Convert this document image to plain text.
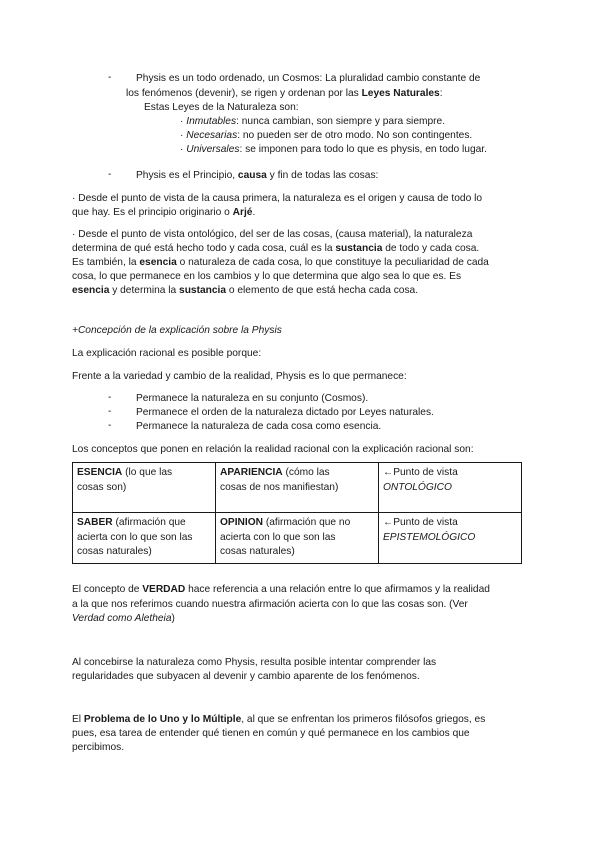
- Physis es un todo ordenado, un Cosmos: La pluralidad cambio constante de
los fenómenos (devenir), se rigen y ordenan por las Leyes Naturales:
Estas Leyes de la Naturaleza son:
· Inmutables: nunca cambian, son siempre y para siempre.
· Necesarias: no pueden ser de otro modo. No son contingentes.
· Universales: se imponen para todo lo que es physis, en todo lugar.
- Physis es el Principio, causa y fin de todas las cosas:
· Desde el punto de vista de la causa primera, la naturaleza es el origen y causa de todo lo
que hay. Es el principio originario o Arjé.
· Desde el punto de vista ontológico, del ser de las cosas, (causa material), la naturaleza
determina de qué está hecho todo y cada cosa, cuál es la sustancia de todo y cada cosa.
Es también, la esencia o naturaleza de cada cosa, lo que constituye la peculiaridad de cada
cosa, lo que permanece en los cambios y lo que determina que algo sea lo que es. Es
esencia y determina la sustancia o elemento de que está hecha cada cosa.
+Concepción de la explicación sobre la Physis
La explicación racional es posible porque:
Frente a la variedad y cambio de la realidad, Physis es lo que permanece:
- Permanece la naturaleza en su conjunto (Cosmos).
- Permanece el orden de la naturaleza dictado por Leyes naturales.
- Permanece la naturaleza de cada cosa como esencia.
Los conceptos que ponen en relación la realidad racional con la explicación racional son:
ESENCIA (lo que las
cosas son)	APARIENCIA (cómo las
cosas de nos manifiestan)	←Punto de vista
ONTOLÓGICO
SABER (afirmación que
acierta con lo que son las
cosas naturales)	OPINION (afirmación que no
acierta con lo que son las
cosas naturales)	←Punto de vista
EPISTEMOLÓGICO
El concepto de VERDAD hace referencia a una relación entre lo que afirmamos y la realidad
a la que nos referimos cuando nuestra afirmación acierta con lo que las cosas son. (Ver
Verdad como Aletheia)
Al concebirse la naturaleza como Physis, resulta posible intentar comprender las
regularidades que subyacen al devenir y cambio aparente de los fenómenos.
El Problema de lo Uno y lo Múltiple, al que se enfrentan los primeros filósofos griegos, es
pues, esa tarea de entender qué tienen en común y qué permanece en los cambios que
percibimos.
